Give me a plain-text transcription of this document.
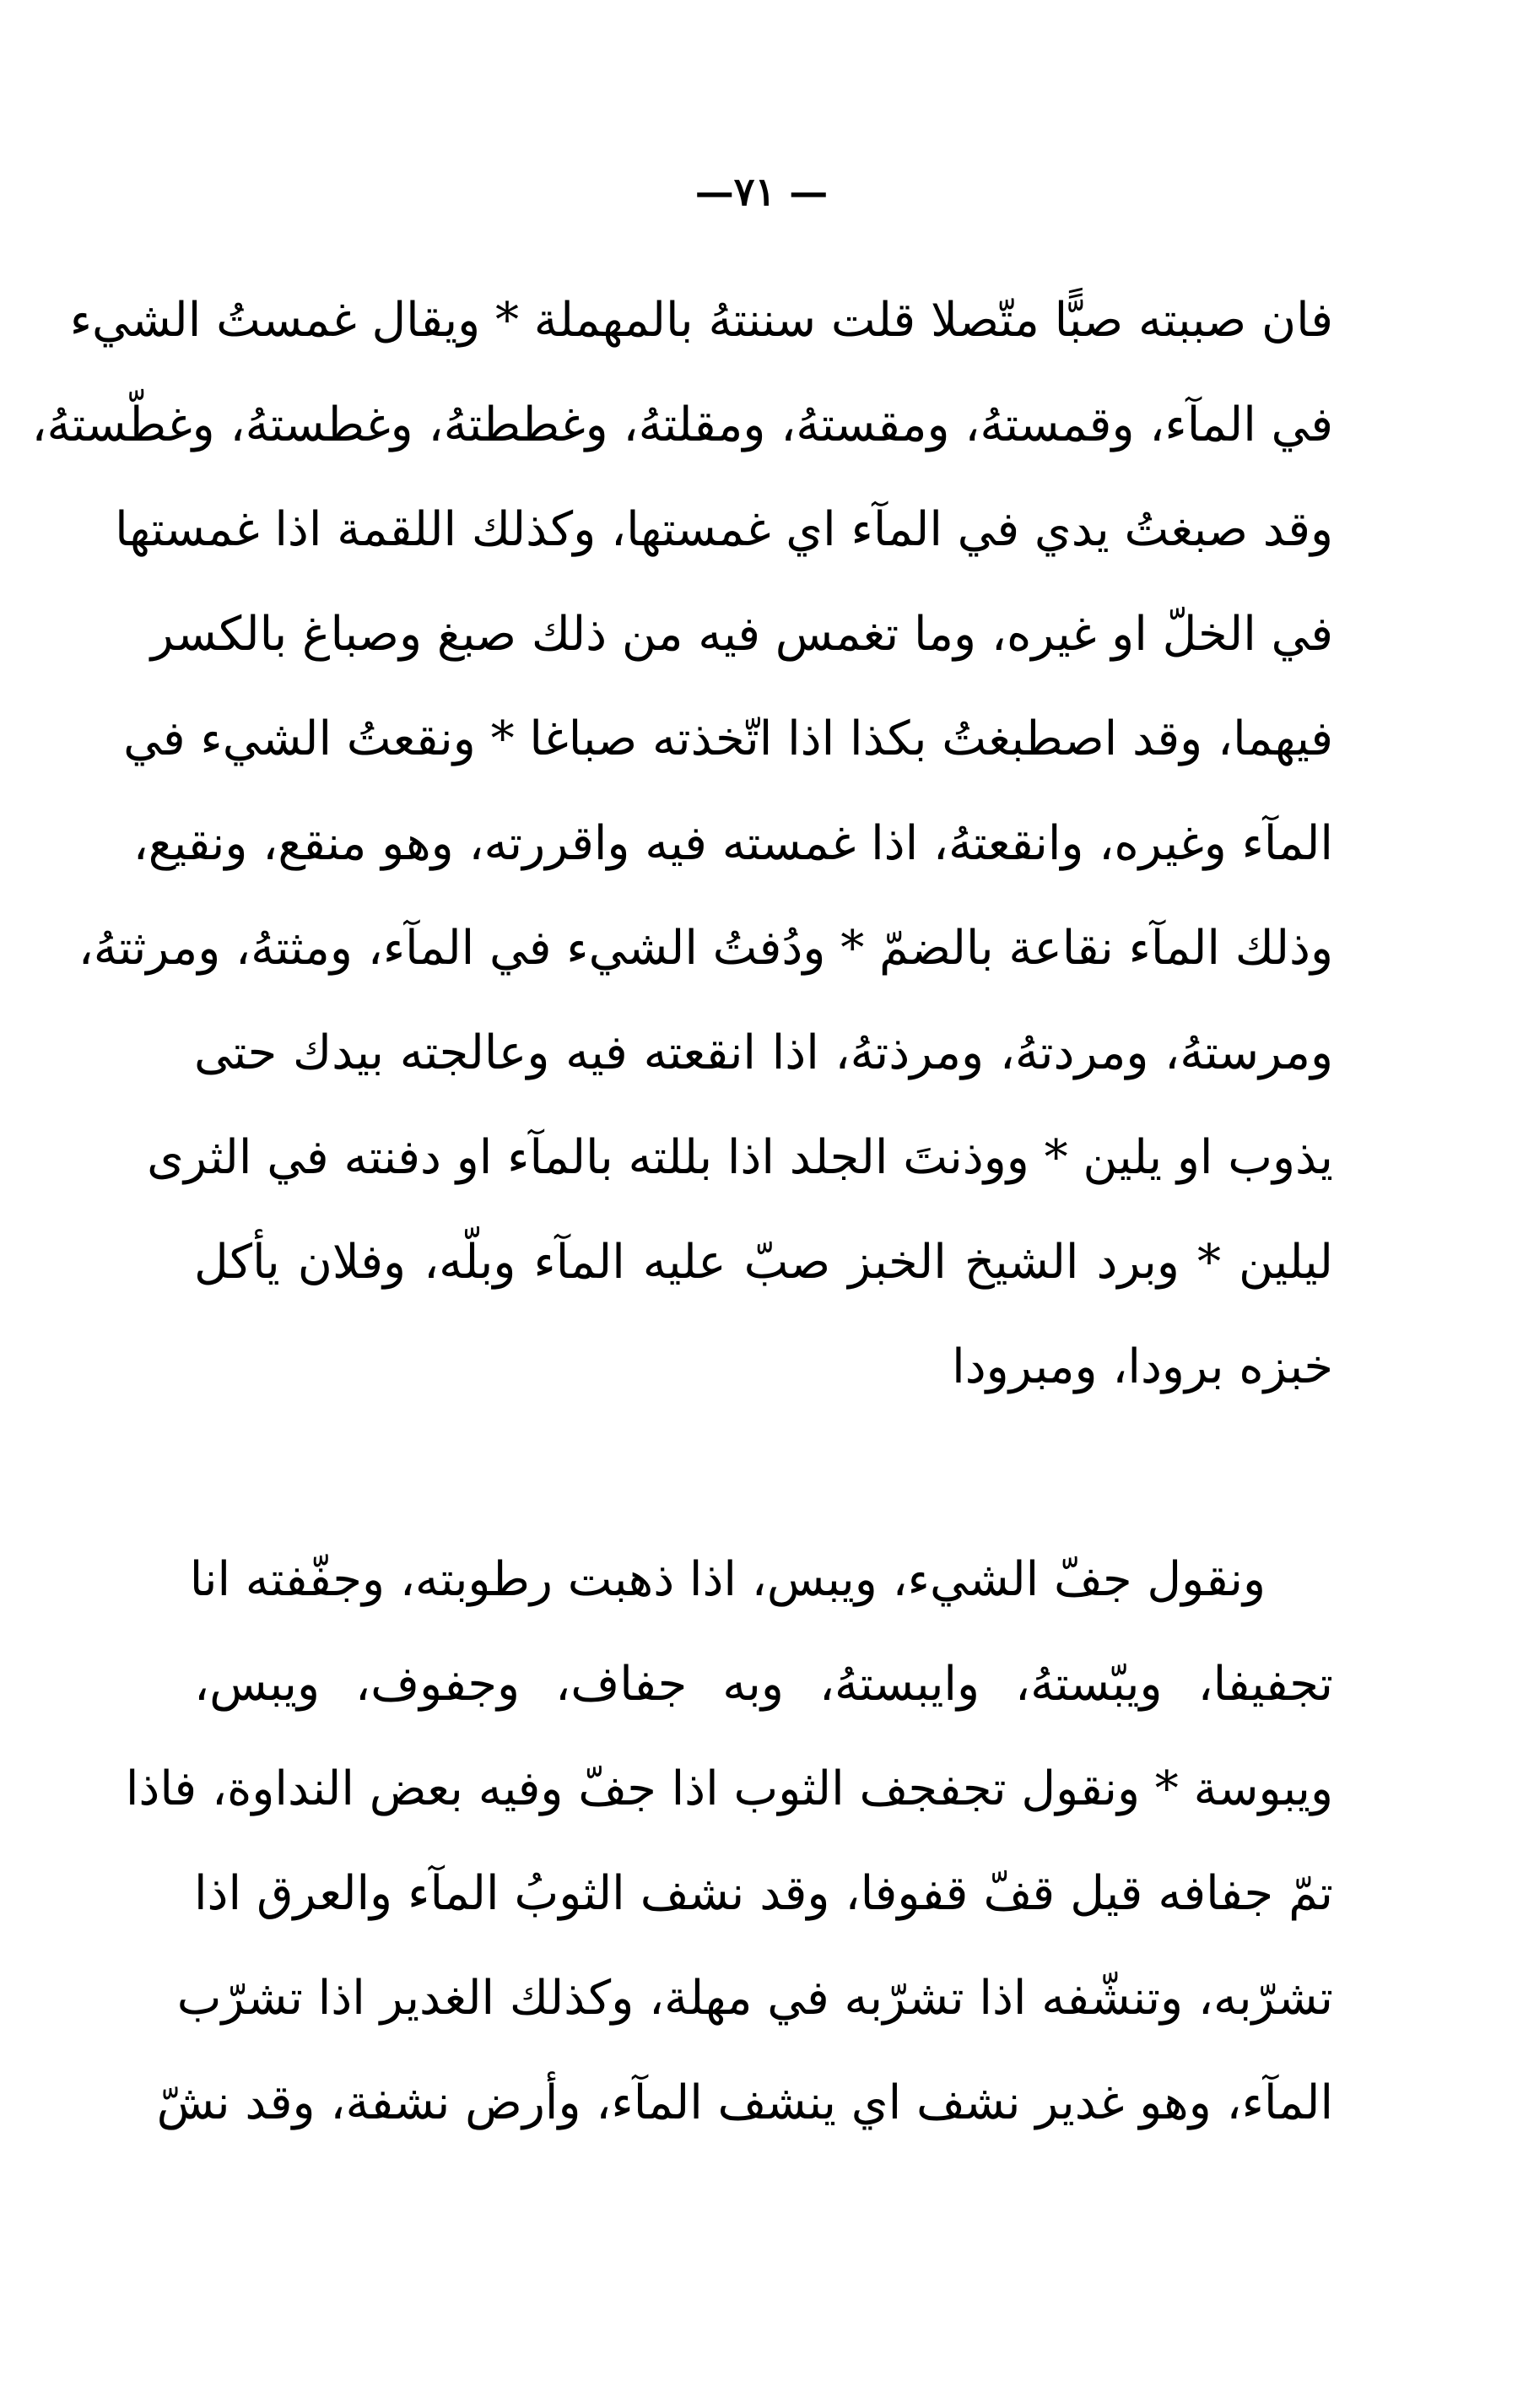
— ٧١—
فان صببته صبًّا متّصلا قلت سننتهُ بالمهملة * ويقال غمستُ الشيء
في المآء، وقمستهُ، ومقستهُ، ومقلتهُ، وغططتهُ، وغطستهُ، وغطّستهُ،
وقد صبغتُ يدي في المآء اي غمستها، وكذلك اللقمة اذا غمستها
في الخلّ او غيره، وما تغمس فيه من ذلك صبغ وصباغ بالكسر
فيهما، وقد اصطبغتُ بكذا اذا اتّخذته صباغا * ونقعتُ الشيء في
المآء وغيره، وانقعتهُ، اذا غمسته فيه واقررته، وهو منقع، ونقيع،
وذلك المآء نقاعة بالضمّ * ودُفتُ الشيء في المآء، ومثتهُ، ومرثتهُ،
ومرستهُ، ومردتهُ، ومرذتهُ، اذا انقعته فيه وعالجته بيدك حتى
يذوب او يلين * ووذنتَ الجلد اذا بللته بالمآء او دفنته في الثرى
ليلين * وبرد الشيخ الخبز صبّ عليه المآء وبلّه، وفلان يأكل
خبزه برودا، ومبرودا
ونقول جفّ الشيء، ويبس، اذا ذهبت رطوبته، وجفّفته انا
تجفيفا، ويبّستهُ، وايبستهُ، وبه جفاف، وجفوف، ويبس،
ويبوسة * ونقول تجفجف الثوب اذا جفّ وفيه بعض النداوة، فاذا
تمّ جفافه قيل قفّ قفوفا، وقد نشف الثوبُ المآء والعرق اذا
تشرّبه، وتنشّفه اذا تشرّبه في مهلة، وكذلك الغدير اذا تشرّب
المآء، وهو غدير نشف اي ينشف المآء، وأرض نشفة، وقد نشّ
